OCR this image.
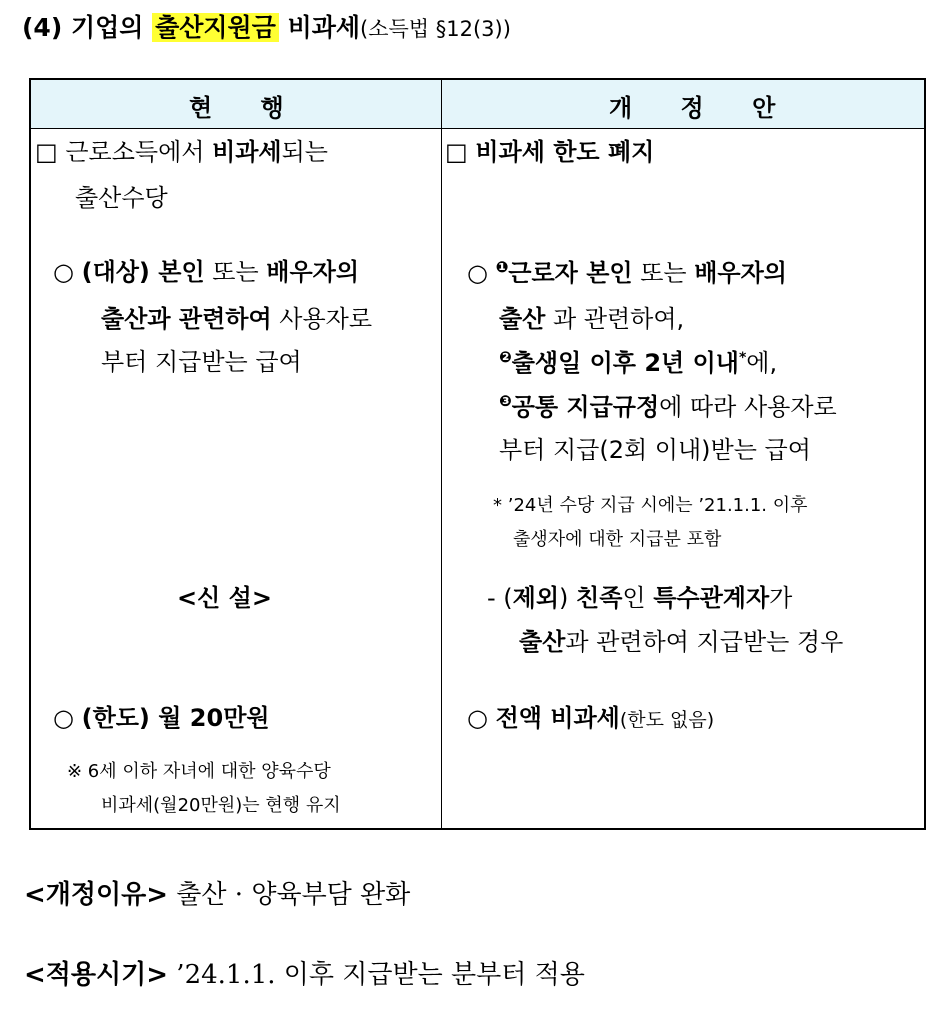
(4) 기업의 출산지원금 비과세(소득법 §12(3))
현 행	개 정 안
□ 근로소득에서 비과세되는
출산수당
○ (대상) 본인 또는 배우자의
출산과 관련하여 사용자로
부터 지급받는 급여
<신 설>
○ (한도) 월 20만원
※ 6세 이하 자녀에 대한 양육수당
비과세(월20만원)는 현행 유지
□ 비과세 한도 폐지
○ $^❶$근로자 본인 또는 배우자의
출산 과 관련하여,
$^❷$출생일 이후 2년 이내*에,
$^❸$공통 지급규정에 따라 사용자로
부터 지급(2회 이내)받는 급여
* ’24년 수당 지급 시에는 ’21.1.1. 이후
출생자에 대한 지급분 포함
- (제외) 친족인 특수관계자가
출산과 관련하여 지급받는 경우
○ 전액 비과세(한도 없음)
<개정이유> 출산 · 양육부담 완화
<적용시기> ’24.1.1. 이후 지급받는 분부터 적용
